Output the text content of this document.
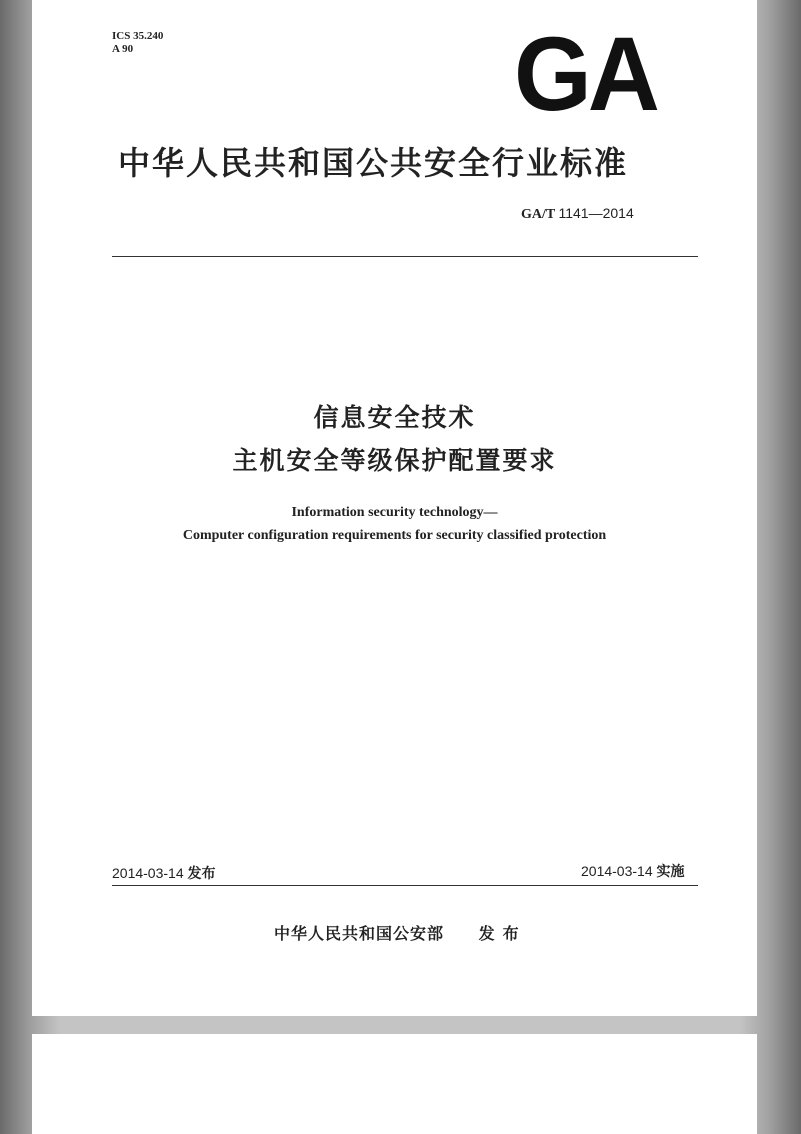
ICS 35.240
A 90	GA
中华人民共和国公共安全行业标准
GA/T 1141—2014
信息安全技术
主机安全等级保护配置要求
Information security technology—
Computer configuration requirements for security classified protection
2014-03-14 发布	2014-03-14 实施
中华人民共和国公安部 发布
